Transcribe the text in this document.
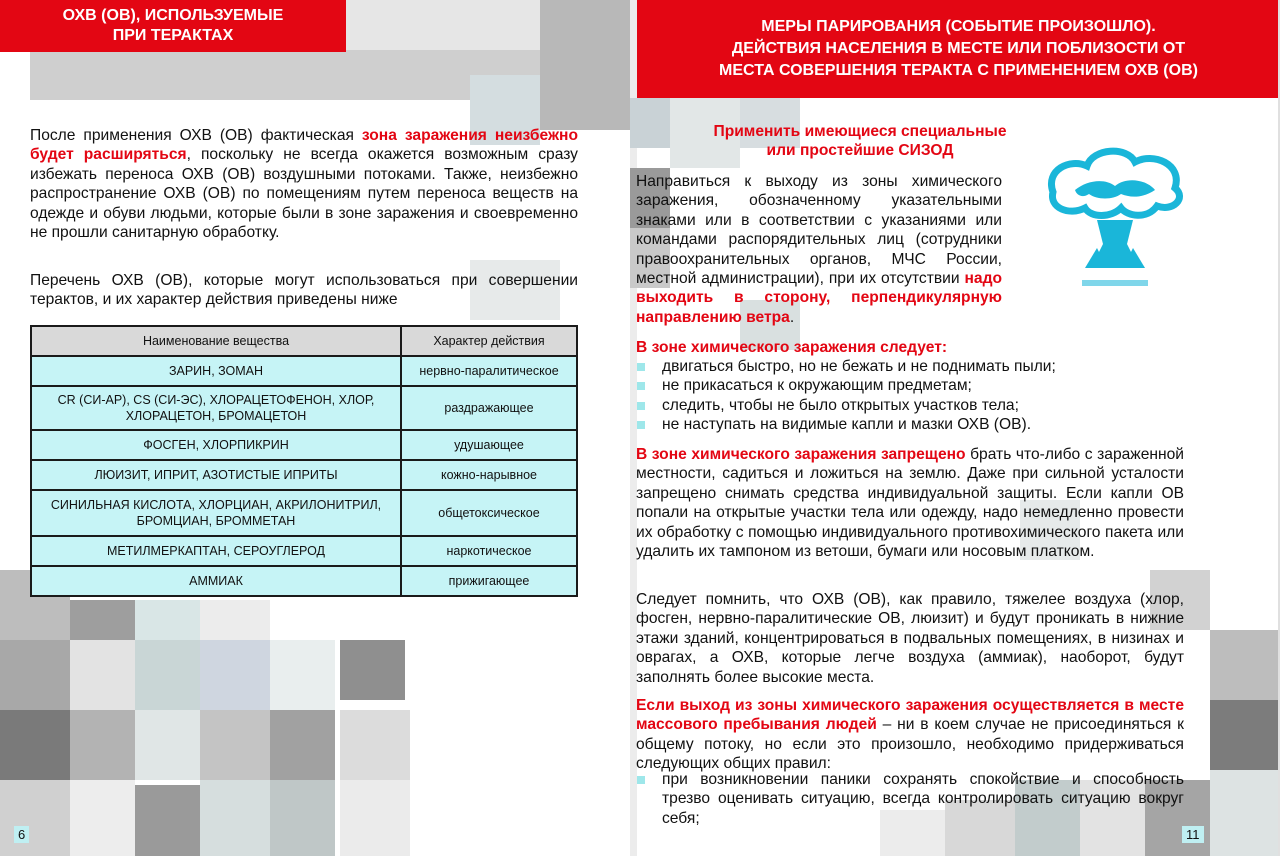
ОХВ (ОВ), ИСПОЛЬЗУЕМЫЕ
ПРИ ТЕРАКТАХ
После применения ОХВ (ОВ) фактическая зона заражения неизбежно будет расширяться, поскольку не всегда окажется возможным сразу избежать переноса ОХВ (ОВ) воздушными потоками. Также, неизбежно распространение ОХВ (ОВ) по помещениям путем переноса веществ на одежде и обуви людьми, которые были в зоне заражения и своевременно не прошли санитарную обработку.
Перечень ОХВ (ОВ), которые могут использоваться при совершении терактов, и их характер действия приведены ниже
Наименование вещества	Характер действия
ЗАРИН, ЗОМАН	нервно-паралитическое
CR (СИ-АР), CS (СИ-ЭС), ХЛОРАЦЕТОФЕНОН, ХЛОР, ХЛОРАЦЕТОН, БРОМАЦЕТОН	раздражающее
ФОСГЕН, ХЛОРПИКРИН	удушающее
ЛЮИЗИТ, ИПРИТ, АЗОТИСТЫЕ ИПРИТЫ	кожно-нарывное
СИНИЛЬНАЯ КИСЛОТА, ХЛОРЦИАН, АКРИЛОНИТРИЛ, БРОМЦИАН, БРОММЕТАН	общетоксическое
МЕТИЛМЕРКАПТАН, СЕРОУГЛЕРОД	наркотическое
АММИАК	прижигающее
6
МЕРЫ ПАРИРОВАНИЯ (СОБЫТИЕ ПРОИЗОШЛО).
ДЕЙСТВИЯ НАСЕЛЕНИЯ В МЕСТЕ ИЛИ ПОБЛИЗОСТИ ОТ
МЕСТА СОВЕРШЕНИЯ ТЕРАКТА С ПРИМЕНЕНИЕМ ОХВ (ОВ)
Применить имеющиеся специальные
или простейшие СИЗОД
Направиться к выходу из зоны химического заражения, обозначенному указательными знаками или в соответствии с указаниями или командами распорядительных лиц (сотрудники правоохранительных органов, МЧС России, местной администрации), при их отсутствии надо выходить в сторону, перпендикулярную направлению ветра.
В зоне химического заражения следует:
двигаться быстро, но не бежать и не поднимать пыли;
не прикасаться к окружающим предметам;
следить, чтобы не было открытых участков тела;
не наступать на видимые капли и мазки ОХВ (ОВ).
В зоне химического заражения запрещено брать что-либо с зараженной местности, садиться и ложиться на землю. Даже при сильной усталости запрещено снимать средства индивидуальной защиты. Если капли ОВ попали на открытые участки тела или одежду, надо немедленно провести их обработку с помощью индивидуального противохимического пакета или удалить их тампоном из ветоши, бумаги или носовым платком.
Следует помнить, что ОХВ (ОВ), как правило, тяжелее воздуха (хлор, фосген, нервно-паралитические ОВ, люизит) и будут проникать в нижние этажи зданий, концентрироваться в подвальных помещениях, в низинах и оврагах, а ОХВ, которые легче воздуха (аммиак), наоборот, будут заполнять более высокие места.
Если выход из зоны химического заражения осуществляется в месте массового пребывания людей – ни в коем случае не присоединяться к общему потоку, но если это произошло, необходимо придерживаться следующих общих правил:
при возникновении паники сохранять спокойствие и способность трезво оценивать ситуацию, всегда контролировать ситуацию вокруг себя;
11
